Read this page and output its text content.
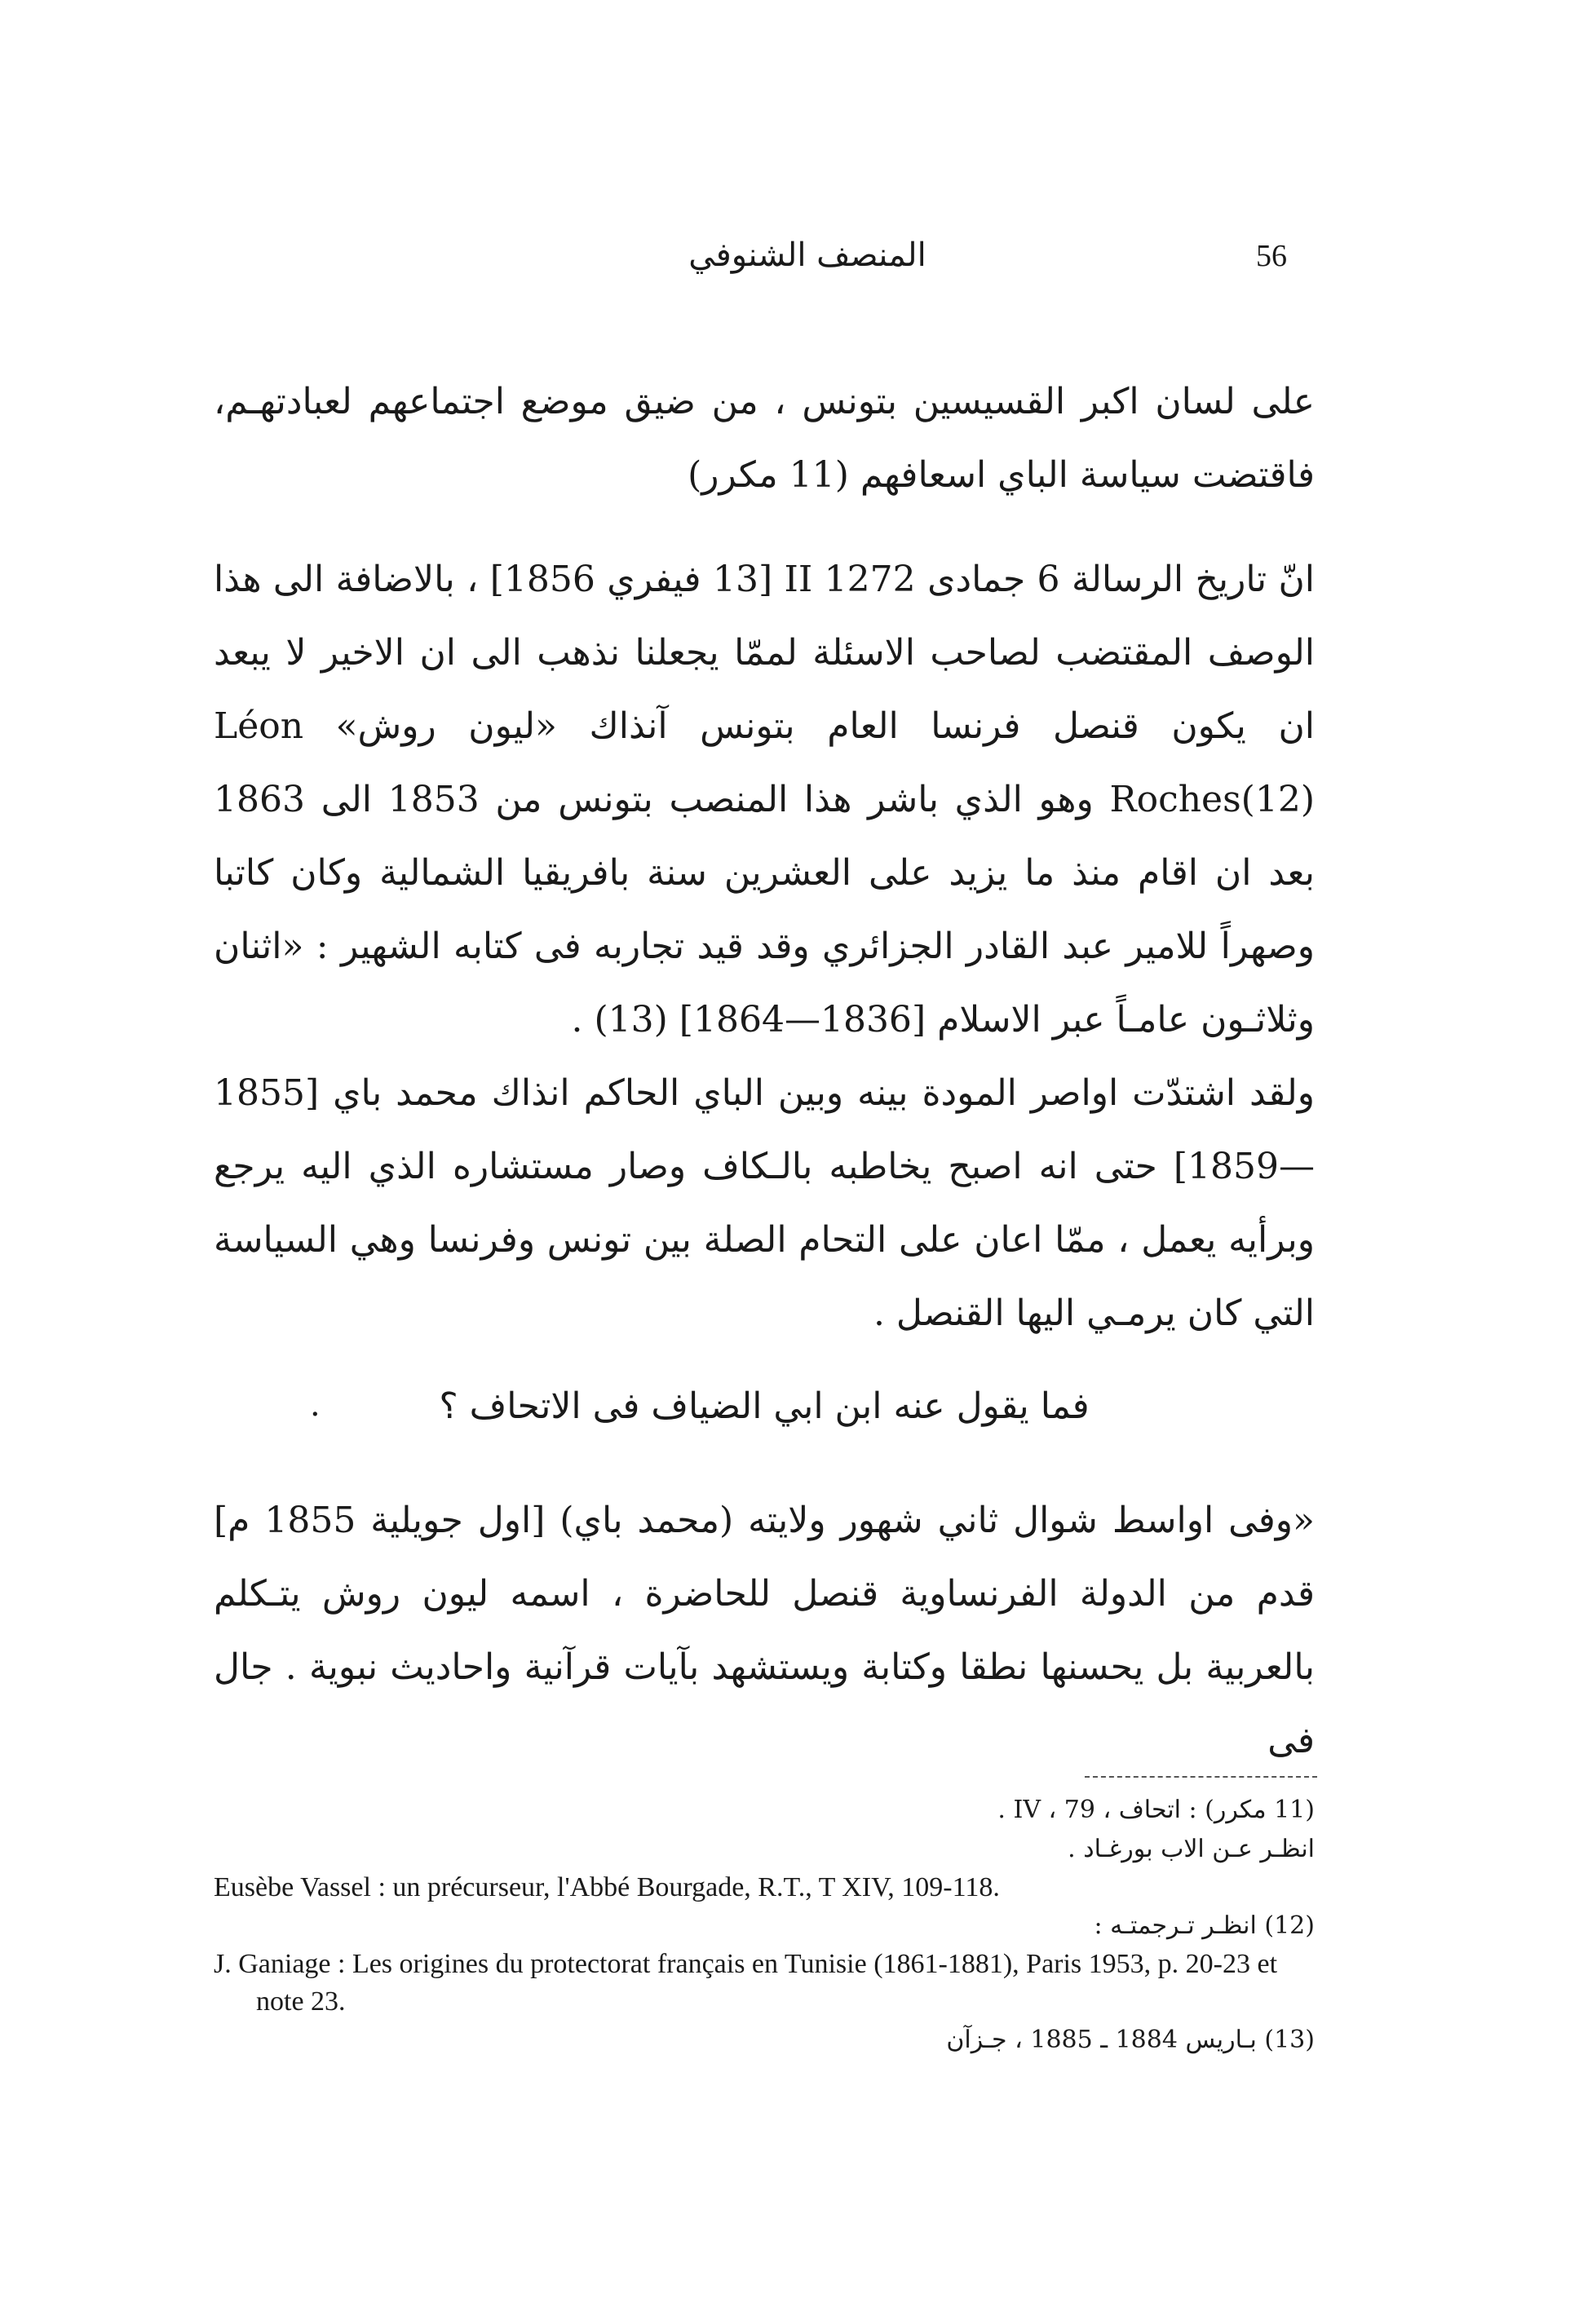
56
المنصف الشنوفي

على لسان اكبر القسيسين بتونس ، من ضيق موضع اجتماعهم لعبادتهـم، فاقتضت سياسة الباي اسعافهم (11 مكرر)

انّ تاريخ الرسالة 6 جمادى II 1272 [13 فيفري 1856] ، بالاضافة الى هذا الوصف المقتضب لصاحب الاسئلة لممّا يجعلنا نذهب الى ان الاخير لا يبعد ان يكون قنصل فرنسا العام بتونس آنذاك «ليون روش» Léon Roches(12) وهو الذي باشر هذا المنصب بتونس من 1853 الى 1863 بعد ان اقام منذ ما يزيد على العشرين سنة بافريقيا الشمالية وكان كاتبا وصهراً للامير عبد القادر الجزائري وقد قيد تجاربه فى كتابه الشهير : «اثنان وثلاثـون عامـاً عبر الاسلام [1836—1864] (13) .

ولقد اشتدّت اواصر المودة بينه وبين الباي الحاكم انذاك محمد باي [1855—1859] حتى انه اصبح يخاطبه بالـكاف وصار مستشاره الذي اليه يرجع وبرأيه يعمل ، ممّا اعان على التحام الصلة بين تونس وفرنسا وهي السياسة التي كان يرمـي اليها القنصل .

·	فما يقول عنه ابن ابي الضياف فى الاتحاف ؟

«وفى اواسط شوال ثاني شهور ولايته (محمد باي) [اول جويلية 1855 م] قدم من الدولة الفرنساوية قنصل للحاضرة ، اسمه ليون روش يتـكلم بالعربية بل يحسنها نطقا وكتابة ويستشهد بآيات قرآنية واحاديث نبوية . جال فى

(11 مكرر) : اتحاف ، IV ، 79 .
انظـر عـن الاب بورغـاد .
Eusèbe Vassel : un précurseur, l'Abbé Bourgade, R.T., T XIV, 109-118.
(12) انظـر تـرجمتـه :
J. Ganiage : Les origines du protectorat français en Tunisie (1861-1881), Paris 1953, p. 20-23 et note 23.
(13) بـاريس 1884 ـ 1885 ، جـزآن
